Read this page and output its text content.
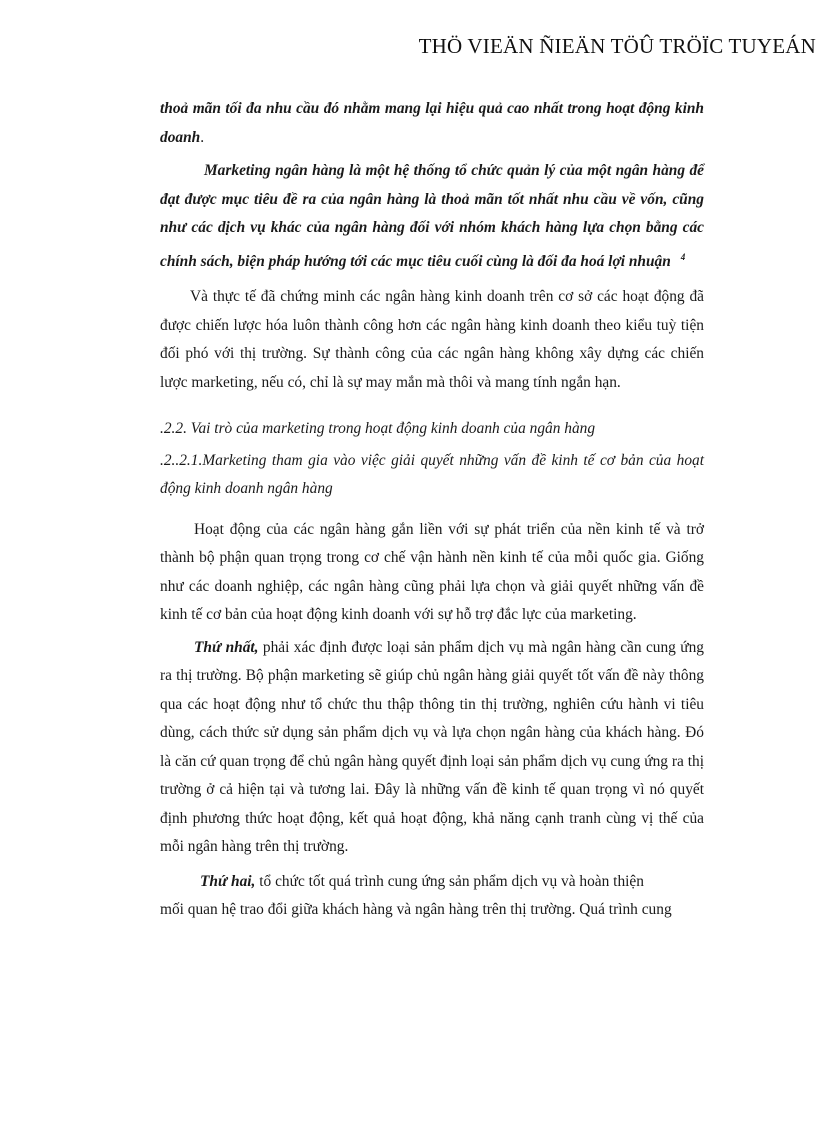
THÖ VIEÄN ÑIEÄN TÖÛ TRÖÏC TUYEÁN

thoả mãn tối đa nhu cầu đó nhằm mang lại hiệu quả cao nhất trong hoạt động kinh doanh.

Marketing ngân hàng là một hệ thống tổ chức quản lý của một ngân hàng để đạt được mục tiêu đề ra của ngân hàng là thoả mãn tốt nhất nhu cầu về vốn, cũng như các dịch vụ khác của ngân hàng đối với nhóm khách hàng lựa chọn bằng các chính sách, biện pháp hướng tới các mục tiêu cuối cùng là đối đa hoá lợi nhuận $^4$

Và thực tế đã chứng minh các ngân hàng kinh doanh trên cơ sở các hoạt động đã được chiến lược hóa luôn thành công hơn các ngân hàng kinh doanh theo kiểu tuỳ tiện đối phó với thị trường. Sự thành công của các ngân hàng không xây dựng các chiến lược marketing, nếu có, chỉ là sự may mắn mà thôi và mang tính ngắn hạn.

.2.2. Vai trò của marketing trong hoạt động kinh doanh của ngân hàng

.2..2.1.Marketing tham gia vào việc giải quyết những vấn đề kinh tế cơ bản của hoạt động kinh doanh ngân hàng

Hoạt động của các ngân hàng gắn liền với sự phát triển của nền kinh tế và trở thành bộ phận quan trọng trong cơ chế vận hành nền kinh tế của mỗi quốc gia. Giống như các doanh nghiệp, các ngân hàng cũng phải lựa chọn và giải quyết những vấn đề kinh tế cơ bản của hoạt động kinh doanh với sự hỗ trợ đắc lực của marketing.

Thứ nhất, phải xác định được loại sản phẩm dịch vụ mà ngân hàng cần cung ứng ra thị trường. Bộ phận marketing sẽ giúp chủ ngân hàng giải quyết tốt vấn đề này thông qua các hoạt động như tổ chức thu thập thông tin thị trường, nghiên cứu hành vi tiêu dùng, cách thức sử dụng sản phẩm dịch vụ và lựa chọn ngân hàng của khách hàng. Đó là căn cứ quan trọng để chủ ngân hàng quyết định loại sản phẩm dịch vụ cung ứng ra thị trường ở cả hiện tại và tương lai. Đây là những vấn đề kinh tế quan trọng vì nó quyết định phương thức hoạt động, kết quả hoạt động, khả năng cạnh tranh cùng vị thế của mỗi ngân hàng trên thị trường.

Thứ hai, tổ chức tốt quá trình cung ứng sản phẩm dịch vụ và hoàn thiện

mối quan hệ trao đổi giữa khách hàng và ngân hàng trên thị trường. Quá trình cung
